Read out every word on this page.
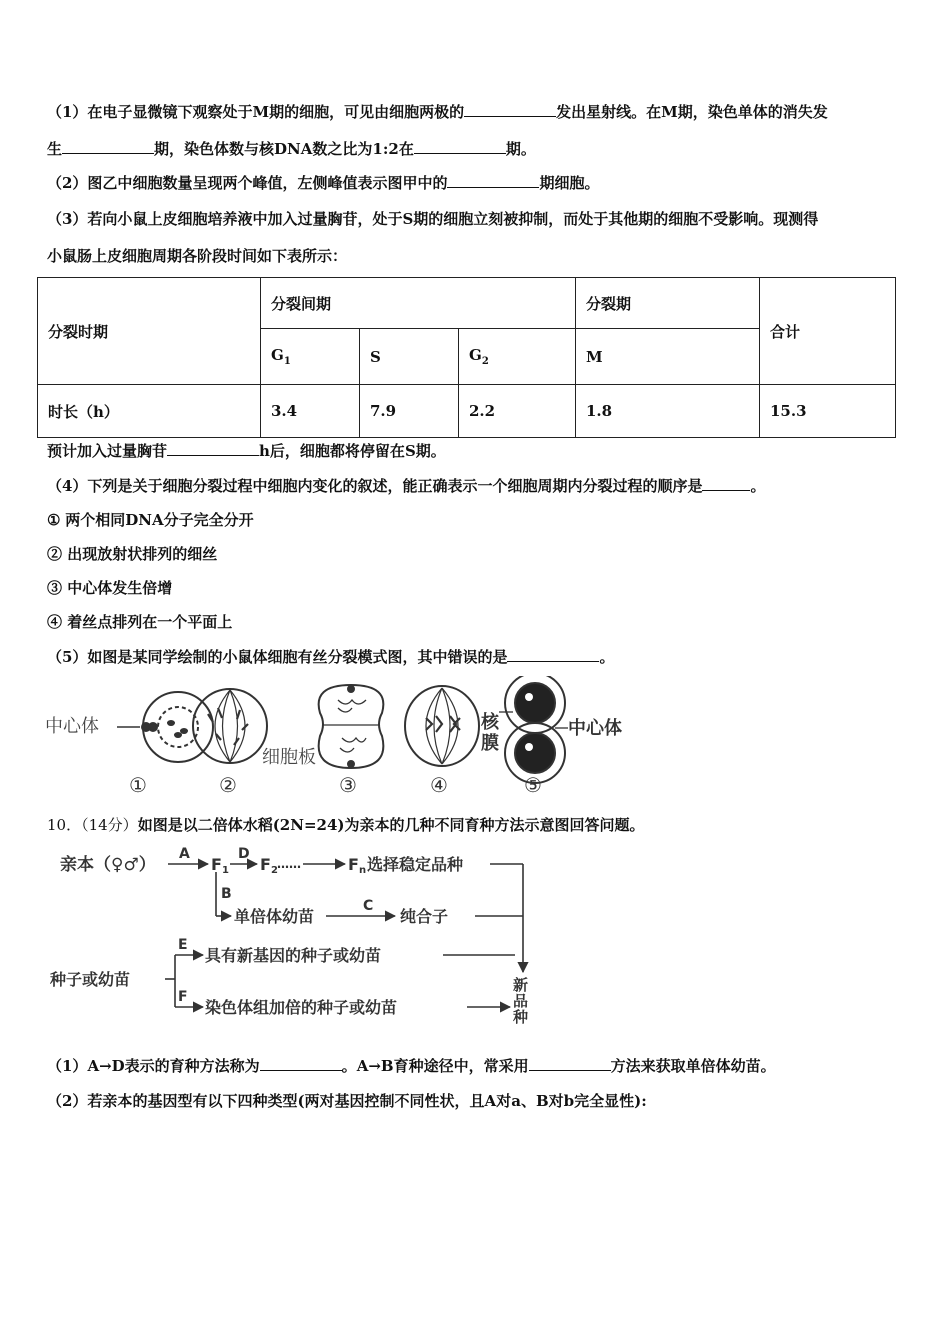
（1）在电子显微镜下观察处于M期的细胞，可见由细胞两极的	发出星射线。在M期，染色单体的消失发
生	期，染色体数与核DNA数之比为1:2在	期。
（2）图乙中细胞数量呈现两个峰值，左侧峰值表示图甲中的	期细胞。
（3）若向小鼠上皮细胞培养液中加入过量胸苷，处于S期的细胞立刻被抑制，而处于其他期的细胞不受影响。现测得
小鼠肠上皮细胞周期各阶段时间如下表所示：
分裂时期	分裂间期			分裂期	合计
	$G_1$	S	$G_2$	M	
时长（h）	3.4	7.9	2.2	1.8	15.3
预计加入过量胸苷	h后，细胞都将停留在S期。
（4）下列是关于细胞分裂过程中细胞内变化的叙述，能正确表示一个细胞周期内分裂过程的顺序是	。
① 两个相同DNA分子完全分开
② 出现放射状排列的细丝
③ 中心体发生倍增
④ 着丝点排列在一个平面上
（5）如图是某同学绘制的小鼠体细胞有丝分裂模式图，其中错误的是	。
中心体
细胞板
核
膜
中心体
①	②	③	④	⑤
10．（14分）如图是以二倍体水稻(2N=24)为亲本的几种不同育种方法示意图回答问题。
亲本（♀♂）
A
F1
D
F2 ……	Fn 选择稳定品种
B
单倍体幼苗
C
纯合子
种子或幼苗
E
具有新基因的种子或幼苗
F
染色体组加倍的种子或幼苗
新
品
种
（1）A→D表示的育种方法称为	。A→B育种途径中，常采用	方法来获取单倍体幼苗。
（2）若亲本的基因型有以下四种类型(两对基因控制不同性状，且A对a、B对b完全显性):
